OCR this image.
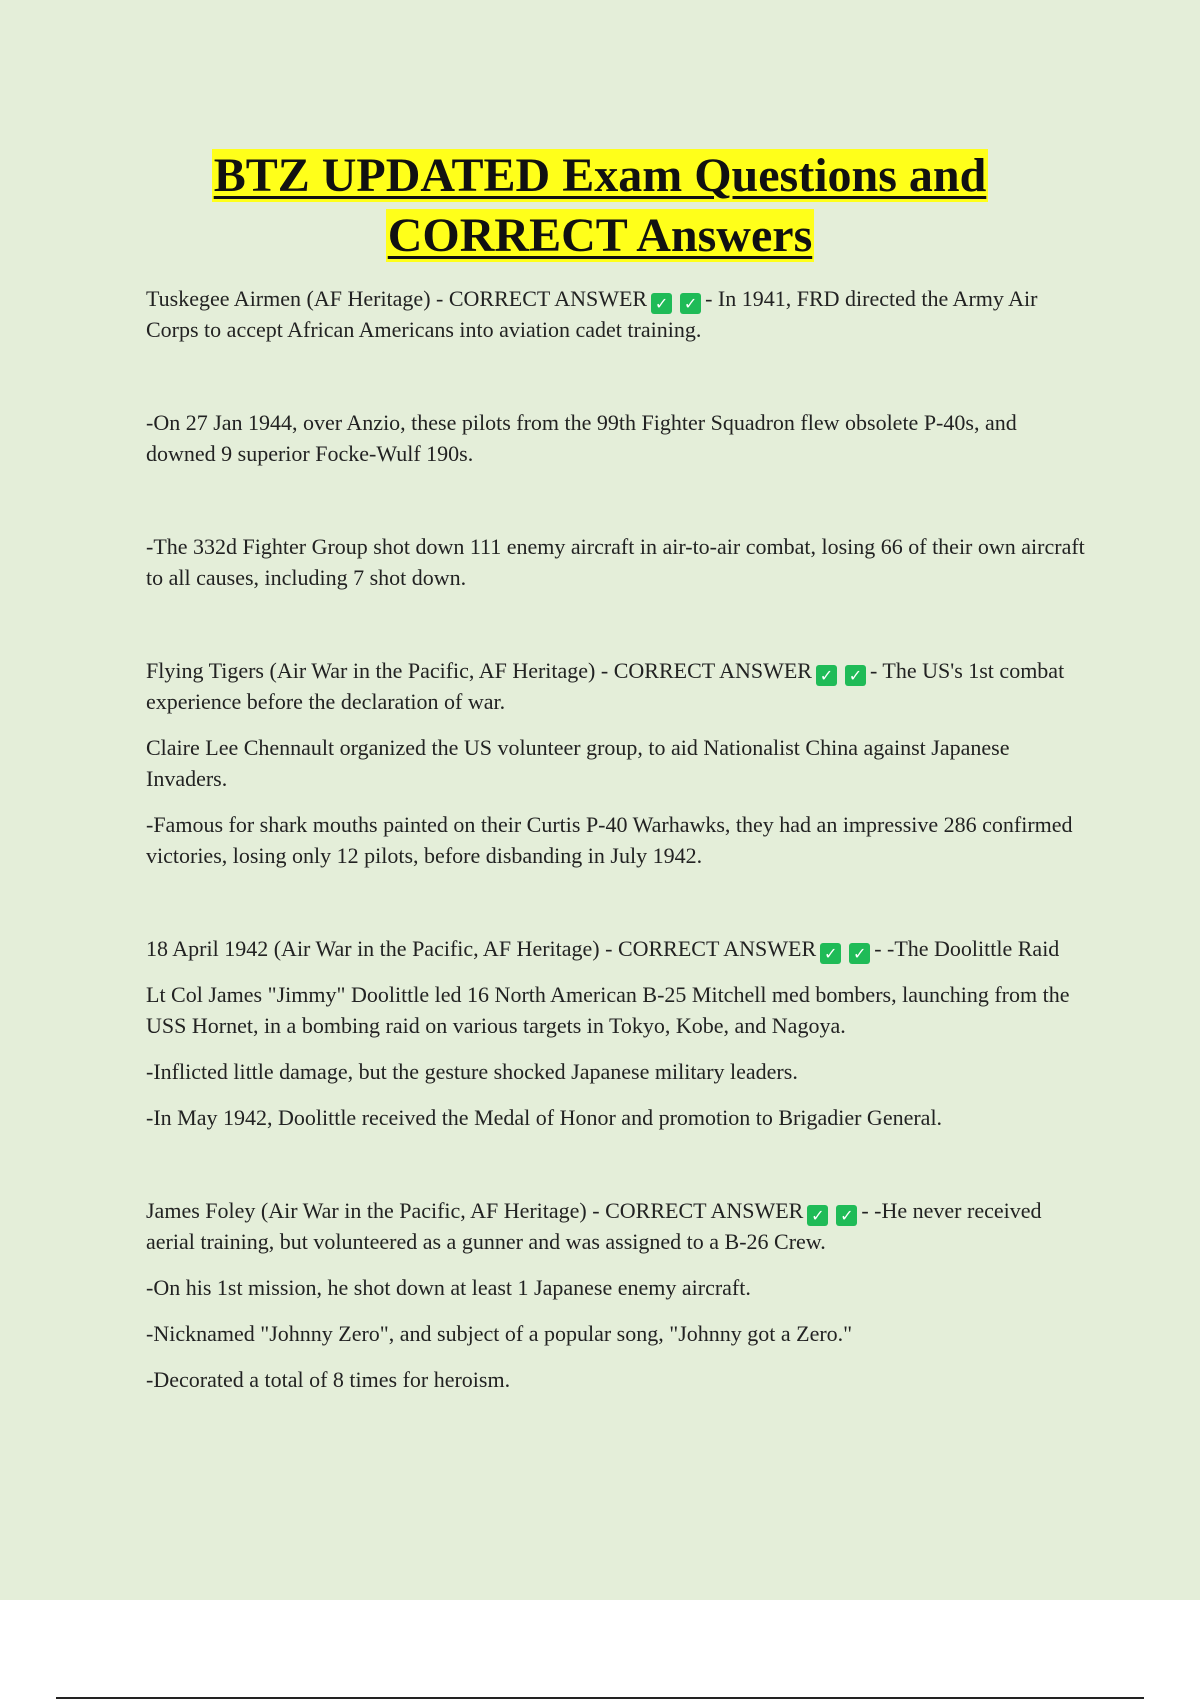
BTZ UPDATED Exam Questions and
CORRECT Answers

Tuskegee Airmen (AF Heritage) - CORRECT ANSWER ✓ ✓ - In 1941, FRD directed the Army Air Corps to accept African Americans into aviation cadet training.

-On 27 Jan 1944, over Anzio, these pilots from the 99th Fighter Squadron flew obsolete P-40s, and downed 9 superior Focke-Wulf 190s.

-The 332d Fighter Group shot down 111 enemy aircraft in air-to-air combat, losing 66 of their own aircraft to all causes, including 7 shot down.

Flying Tigers (Air War in the Pacific, AF Heritage) - CORRECT ANSWER ✓ ✓ - The US's 1st combat experience before the declaration of war.

Claire Lee Chennault organized the US volunteer group, to aid Nationalist China against Japanese Invaders.

-Famous for shark mouths painted on their Curtis P-40 Warhawks, they had an impressive 286 confirmed victories, losing only 12 pilots, before disbanding in July 1942.

18 April 1942 (Air War in the Pacific, AF Heritage) - CORRECT ANSWER ✓ ✓ - -The Doolittle Raid

Lt Col James "Jimmy" Doolittle led 16 North American B-25 Mitchell med bombers, launching from the USS Hornet, in a bombing raid on various targets in Tokyo, Kobe, and Nagoya.

-Inflicted little damage, but the gesture shocked Japanese military leaders.

-In May 1942, Doolittle received the Medal of Honor and promotion to Brigadier General.

James Foley (Air War in the Pacific, AF Heritage) - CORRECT ANSWER ✓ ✓ - -He never received aerial training, but volunteered as a gunner and was assigned to a B-26 Crew.

-On his 1st mission, he shot down at least 1 Japanese enemy aircraft.

-Nicknamed "Johnny Zero", and subject of a popular song, "Johnny got a Zero."

-Decorated a total of 8 times for heroism.
